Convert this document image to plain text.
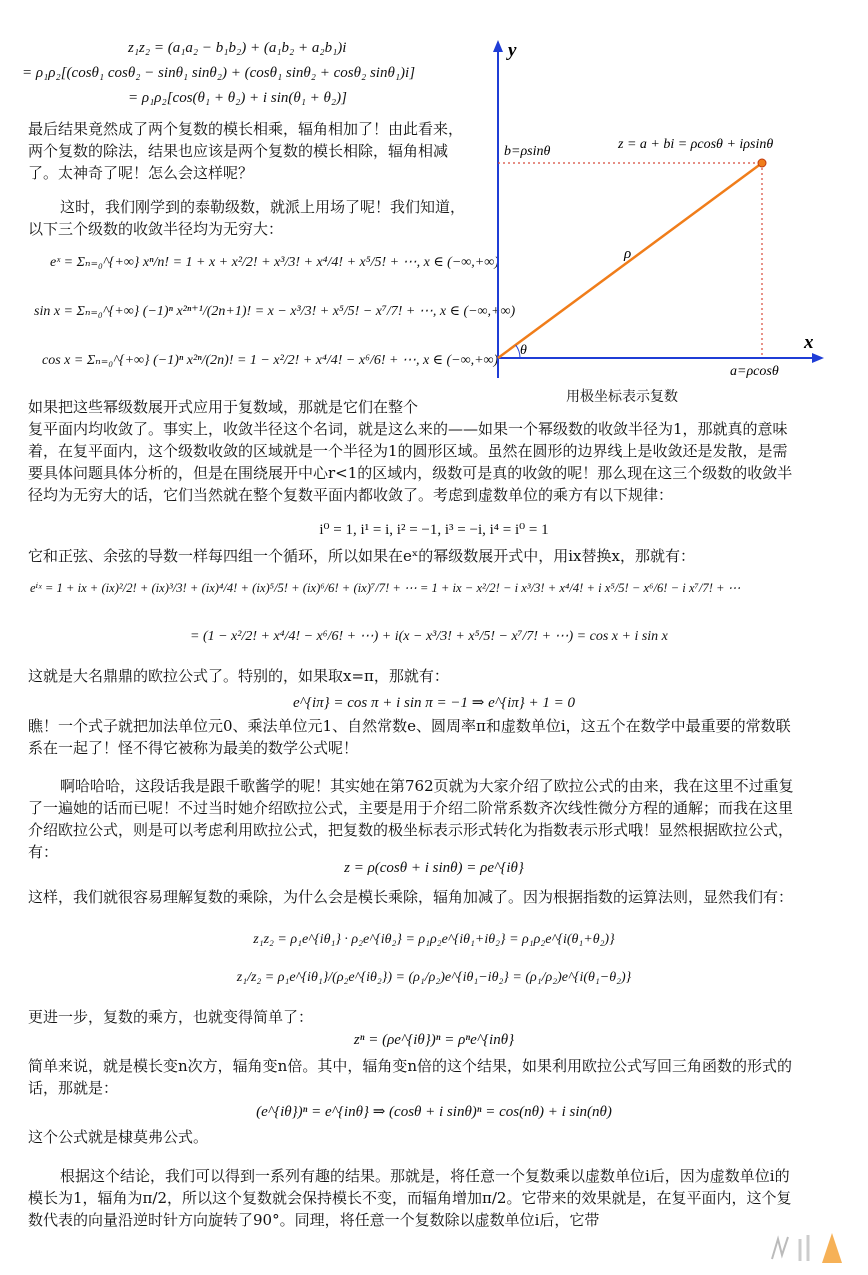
z₁z₂ = (a₁a₂ − b₁b₂) + (a₁b₂ + a₂b₁)i
= ρ₁ρ₂[(cosθ₁ cosθ₂ − sinθ₁ sinθ₂) + (cosθ₁ sinθ₂ + cosθ₂ sinθ₁)i]
= ρ₁ρ₂[cos(θ₁ + θ₂) + i sin(θ₁ + θ₂)]

最后结果竟然成了两个复数的模长相乘，辐角相加了！由此看来，两个复数的除法，结果也应该是两个复数的模长相除，辐角相减了。太神奇了呢！怎么会这样呢？

这时，我们刚学到的泰勒级数，就派上用场了呢！我们知道，以下三个级数的收敛半径均为无穷大：

eˣ = Σₙ₌₀^{+∞} xⁿ/n! = 1 + x + x²/2! + x³/3! + x⁴/4! + x⁵/5! + ⋯, x ∈ (−∞,+∞)
sin x = Σₙ₌₀^{+∞} (−1)ⁿ x²ⁿ⁺¹/(2n+1)! = x − x³/3! + x⁵/5! − x⁷/7! + ⋯, x ∈ (−∞,+∞)
cos x = Σₙ₌₀^{+∞} (−1)ⁿ x²ⁿ/(2n)! = 1 − x²/2! + x⁴/4! − x⁶/6! + ⋯, x ∈ (−∞,+∞)

如果把这些幂级数展开式应用于复数域，那就是它们在整个

复平面内均收敛了。事实上，收敛半径这个名词，就是这么来的——如果一个幂级数的收敛半径为1，那就真的意味着，在复平面内，这个级数收敛的区域就是一个半径为1的圆形区域。虽然在圆形的边界线上是收敛还是发散，是需要具体问题具体分析的，但是在围绕展开中心r<1的区域内，级数可是真的收敛的呢！那么现在这三个级数的收敛半径均为无穷大的话，它们当然就在整个复数平面内都收敛了。考虑到虚数单位的乘方有以下规律：

y
x
b=ρsinθ
a=ρcosθ
z = a + bi = ρcosθ + iρsinθ
ρ
θ
用极坐标表示复数
i⁰ = 1, i¹ = i, i² = −1, i³ = −i, i⁴ = i⁰ = 1

它和正弦、余弦的导数一样每四组一个循环，所以如果在eˣ的幂级数展开式中，用ix替换x，那就有：

eⁱˣ = 1 + ix + (ix)²/2! + (ix)³/3! + (ix)⁴/4! + (ix)⁵/5! + (ix)⁶/6! + (ix)⁷/7! + ⋯ = 1 + ix − x²/2! − i x³/3! + x⁴/4! + i x⁵/5! − x⁶/6! − i x⁷/7! + ⋯
= (1 − x²/2! + x⁴/4! − x⁶/6! + ⋯) + i(x − x³/3! + x⁵/5! − x⁷/7! + ⋯) = cos x + i sin x

这就是大名鼎鼎的欧拉公式了。特别的，如果取x=π，那就有：

e^{iπ} = cos π + i sin π = −1 ⇒ e^{iπ} + 1 = 0

瞧！一个式子就把加法单位元0、乘法单位元1、自然常数e、圆周率π和虚数单位i，这五个在数学中最重要的常数联系在一起了！怪不得它被称为最美的数学公式呢！

啊哈哈哈，这段话我是跟千歌酱学的呢！其实她在第762页就为大家介绍了欧拉公式的由来，我在这里不过重复了一遍她的话而已呢！不过当时她介绍欧拉公式，主要是用于介绍二阶常系数齐次线性微分方程的通解；而我在这里介绍欧拉公式，则是可以考虑利用欧拉公式，把复数的极坐标表示形式转化为指数表示形式哦！显然根据欧拉公式，有：

z = ρ(cosθ + i sinθ) = ρe^{iθ}

这样，我们就很容易理解复数的乘除，为什么会是模长乘除，辐角加减了。因为根据指数的运算法则，显然我们有：

z₁z₂ = ρ₁e^{iθ₁} · ρ₂e^{iθ₂} = ρ₁ρ₂e^{iθ₁+iθ₂} = ρ₁ρ₂e^{i(θ₁+θ₂)}
z₁/z₂ = ρ₁e^{iθ₁}/(ρ₂e^{iθ₂}) = (ρ₁/ρ₂)e^{iθ₁−iθ₂} = (ρ₁/ρ₂)e^{i(θ₁−θ₂)}

更进一步，复数的乘方，也就变得简单了：

zⁿ = (ρe^{iθ})ⁿ = ρⁿe^{inθ}

简单来说，就是模长变n次方，辐角变n倍。其中，辐角变n倍的这个结果，如果利用欧拉公式写回三角函数的形式的话，那就是：

(e^{iθ})ⁿ = e^{inθ} ⇒ (cosθ + i sinθ)ⁿ = cos(nθ) + i sin(nθ)

这个公式就是棣莫弗公式。

根据这个结论，我们可以得到一系列有趣的结果。那就是，将任意一个复数乘以虚数单位i后，因为虚数单位i的模长为1，辐角为π/2，所以这个复数就会保持模长不变，而辐角增加π/2。它带来的效果就是，在复平面内，这个复数代表的向量沿逆时针方向旋转了90°。同理，将任意一个复数除以虚数单位i后，它带
